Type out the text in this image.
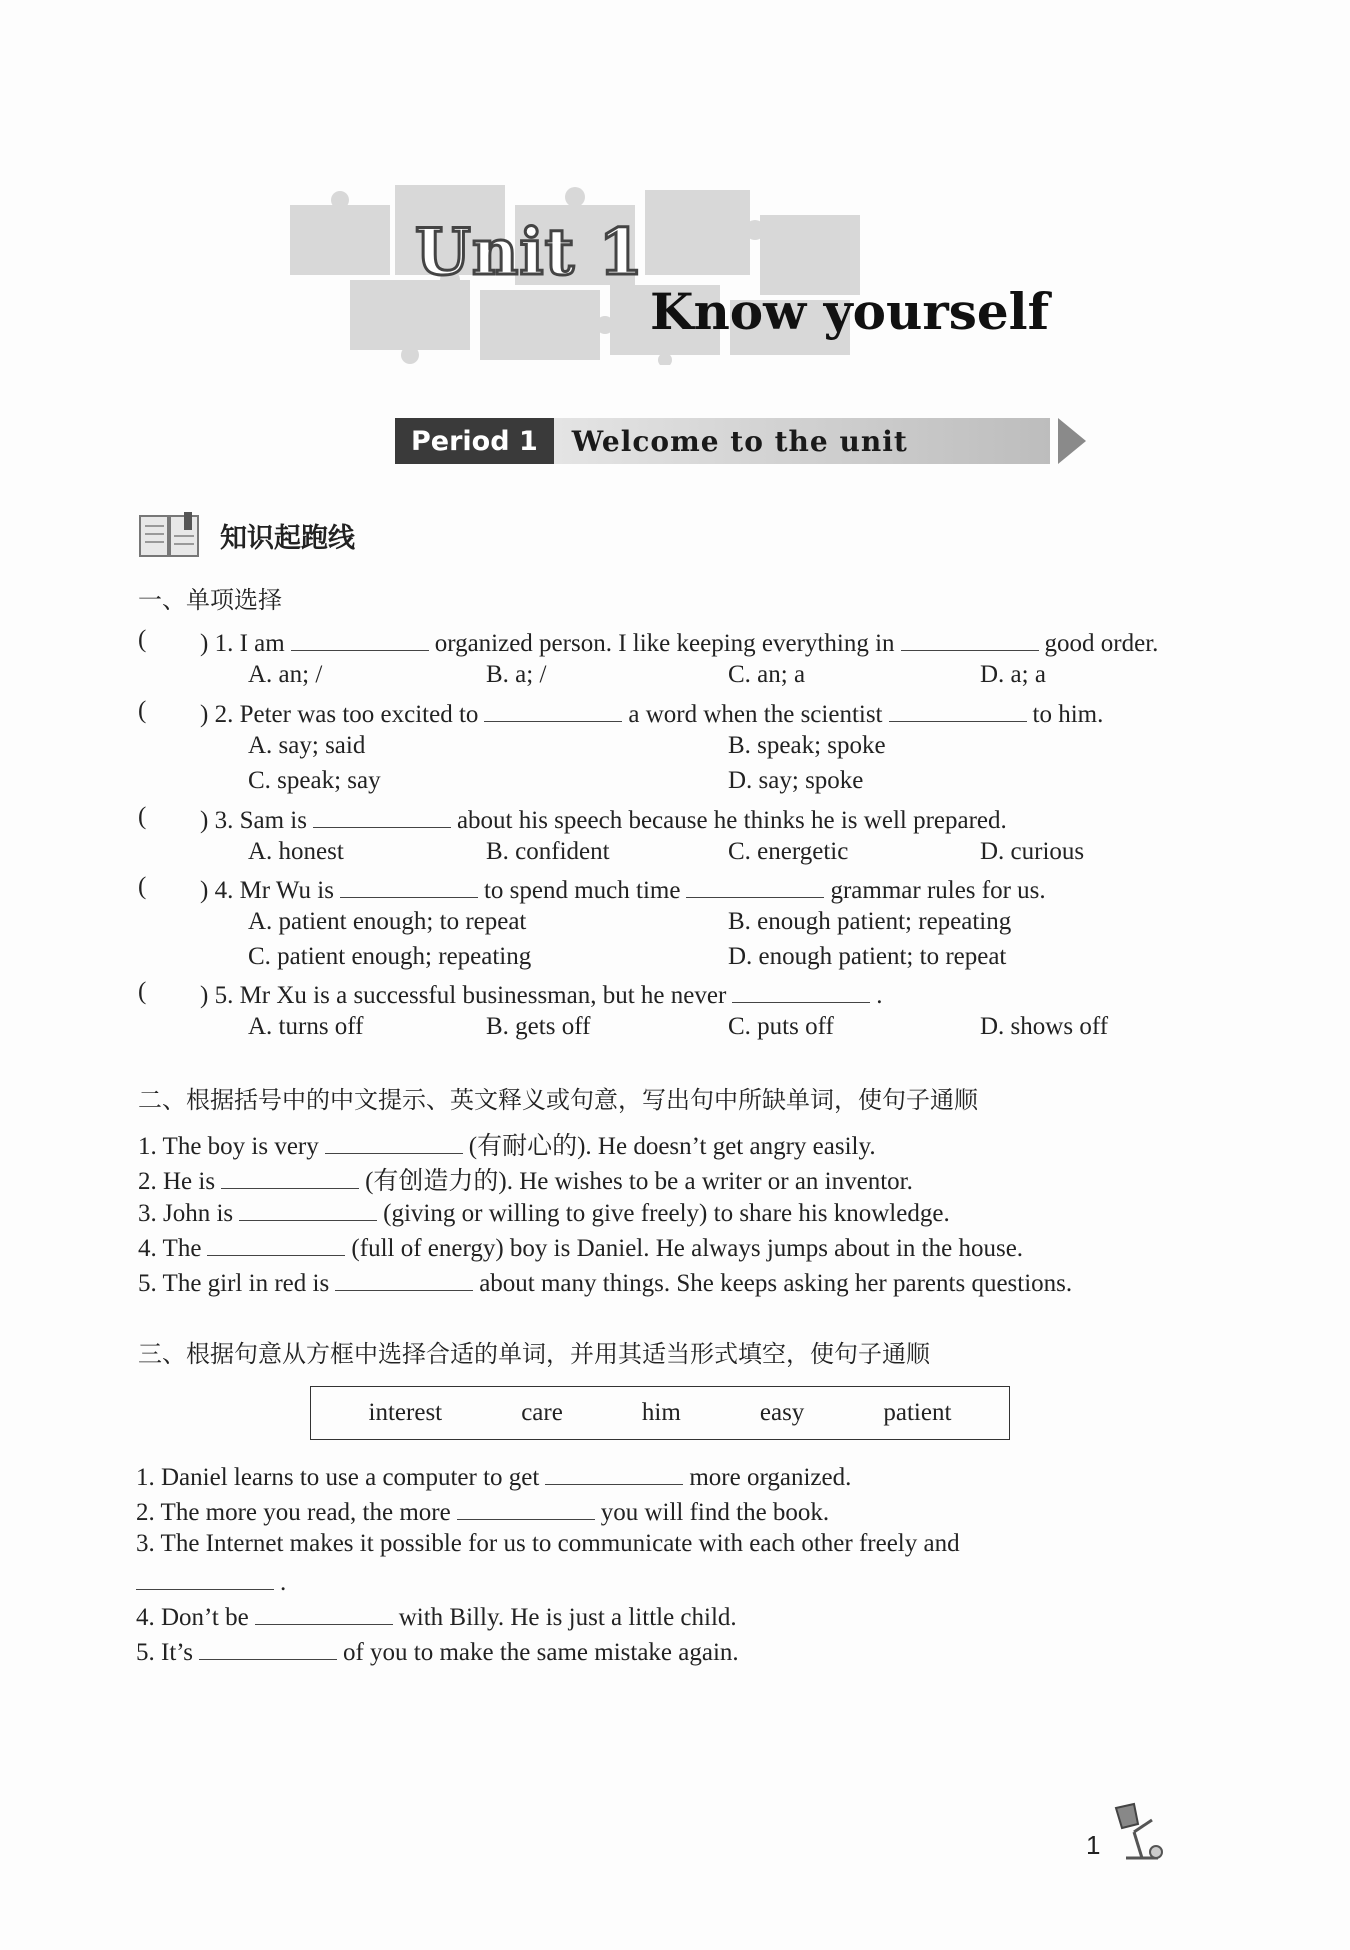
Unit 1
Know yourself
Period 1	Welcome to the unit
知识起跑线
一、单项选择
( ) 1. I am	organized person. I like keeping everything in	good order.
A. an; /	B. a; /	C. an; a	D. a; a
( ) 2. Peter was too excited to	a word when the scientist	to him.
A. say; said	B. speak; spoke
C. speak; say	D. say; spoke
( ) 3. Sam is	about his speech because he thinks he is well prepared.
A. honest	B. confident	C. energetic	D. curious
( ) 4. Mr Wu is	to spend much time	grammar rules for us.
A. patient enough; to repeat	B. enough patient; repeating
C. patient enough; repeating	D. enough patient; to repeat
( ) 5. Mr Xu is a successful businessman, but he never	.
A. turns off	B. gets off	C. puts off	D. shows off
二、根据括号中的中文提示、英文释义或句意，写出句中所缺单词，使句子通顺
1. The boy is very	(有耐心的). He doesn’t get angry easily.
2. He is	(有创造力的). He wishes to be a writer or an inventor.
3. John is	(giving or willing to give freely) to share his knowledge.
4. The	(full of energy) boy is Daniel. He always jumps about in the house.
5. The girl in red is	about many things. She keeps asking her parents questions.
三、根据句意从方框中选择合适的单词，并用其适当形式填空，使句子通顺
interest	care	him	easy	patient
1. Daniel learns to use a computer to get	more organized.
2. The more you read, the more	you will find the book.
3. The Internet makes it possible for us to communicate with each other freely and
.
4. Don’t be	with Billy. He is just a little child.
5. It’s	of you to make the same mistake again.
1
